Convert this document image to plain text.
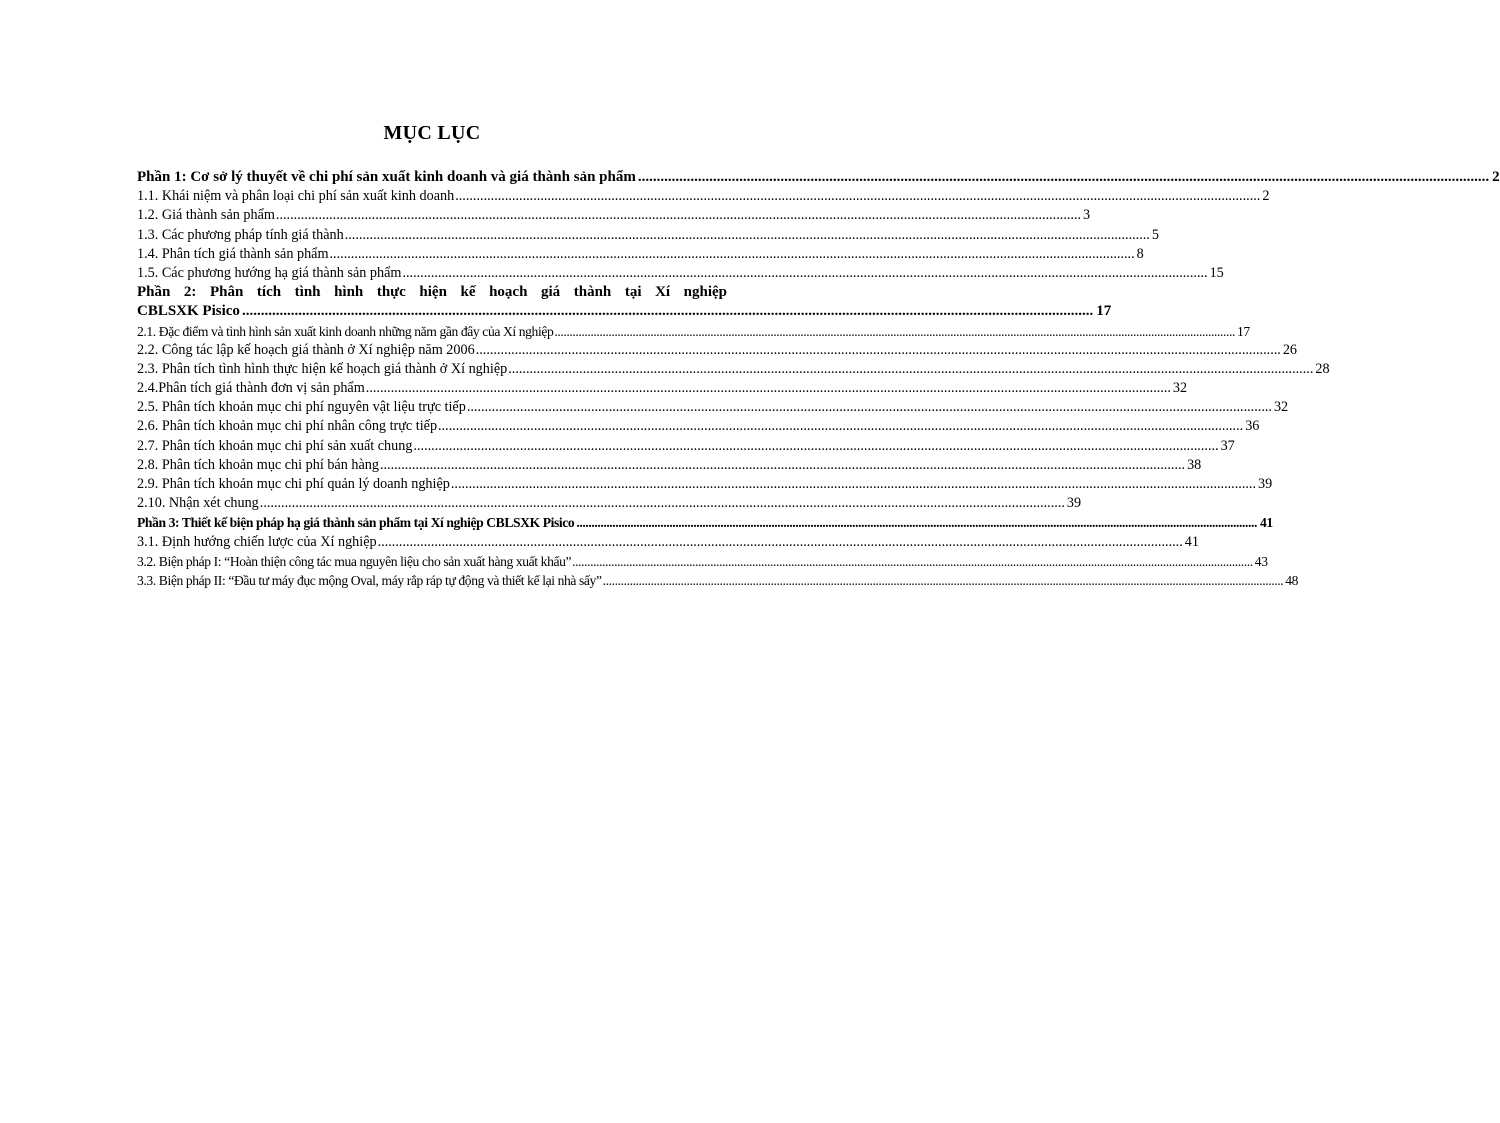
MỤC LỤC
Phần 1: Cơ sở lý thuyết về chi phí sản xuất kinh doanh và giá thành sản phẩm .....	2
1.1. Khái niệm và phân loại chi phí sản xuất kinh doanh .....	2
1.2. Giá thành sản phẩm .....	3
1.3. Các phương pháp tính giá thành .....	5
1.4. Phân tích giá thành sản phẩm .....	8
1.5. Các phương hướng hạ giá thành sản phẩm .....	15
Phần 2: Phân tích tình hình thực hiện kế hoạch giá thành tại Xí nghiệp
CBLSXK Pisico .....	17
2.1. Đặc điểm và tình hình sản xuất kinh doanh những năm gần đây của Xí nghiệp .....	17
2.2. Công tác lập kế hoạch giá thành ở Xí nghiệp năm 2006 .....	26
2.3. Phân tích tình hình thực hiện kế hoạch giá thành ở Xí nghiệp .....	28
2.4.Phân tích giá thành đơn vị sản phẩm .....	32
2.5. Phân tích khoản mục chi phí nguyên vật liệu trực tiếp .....	32
2.6. Phân tích khoản mục chi phí nhân công trực tiếp .....	36
2.7. Phân tích khoản mục chi phí sản xuất chung .....	37
2.8. Phân tích khoản mục chi phí bán hàng .....	38
2.9. Phân tích khoản mục chi phí quản lý doanh nghiệp .....	39
2.10. Nhận xét chung .....	39
Phần 3: Thiết kế biện pháp hạ giá thành sản phẩm tại Xí nghiệp CBLSXK Pisico .....	41
3.1. Định hướng chiến lược của Xí nghiệp .....	41
3.2. Biện pháp I: “Hoàn thiện công tác mua nguyên liệu cho sản xuất hàng xuất khẩu” .....	43
3.3. Biện pháp II: “Đầu tư máy đục mộng Oval, máy rắp ráp tự động và thiết kế lại nhà sấy” .....	48
